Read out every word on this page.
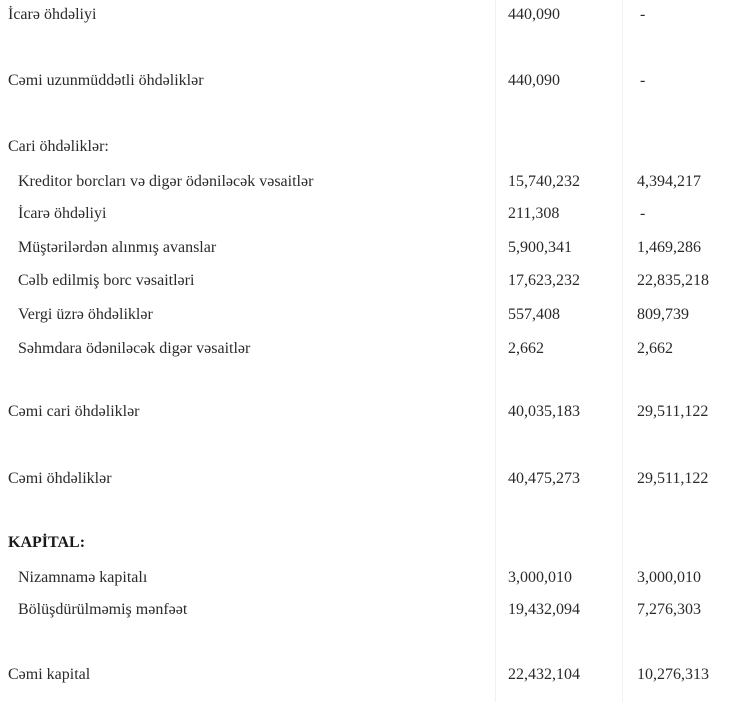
İcarə öhdəliyi	440,090	-
Cəmi uzunmüddətli öhdəliklər	440,090	-
Cari öhdəliklər:
Kreditor borcları və digər ödəniləcək vəsaitlər	15,740,232	4,394,217
İcarə öhdəliyi	211,308	-
Müştərilərdən alınmış avanslar	5,900,341	1,469,286
Cəlb edilmiş borc vəsaitləri	17,623,232	22,835,218
Vergi üzrə öhdəliklər	557,408	809,739
Səhmdara ödəniləcək digər vəsaitlər	2,662	2,662
Cəmi cari öhdəliklər	40,035,183	29,511,122
Cəmi öhdəliklər	40,475,273	29,511,122
KAPİTAL:
Nizamnamə kapitalı	3,000,010	3,000,010
Bölüşdürülməmiş mənfəət	19,432,094	7,276,303
Cəmi kapital	22,432,104	10,276,313
